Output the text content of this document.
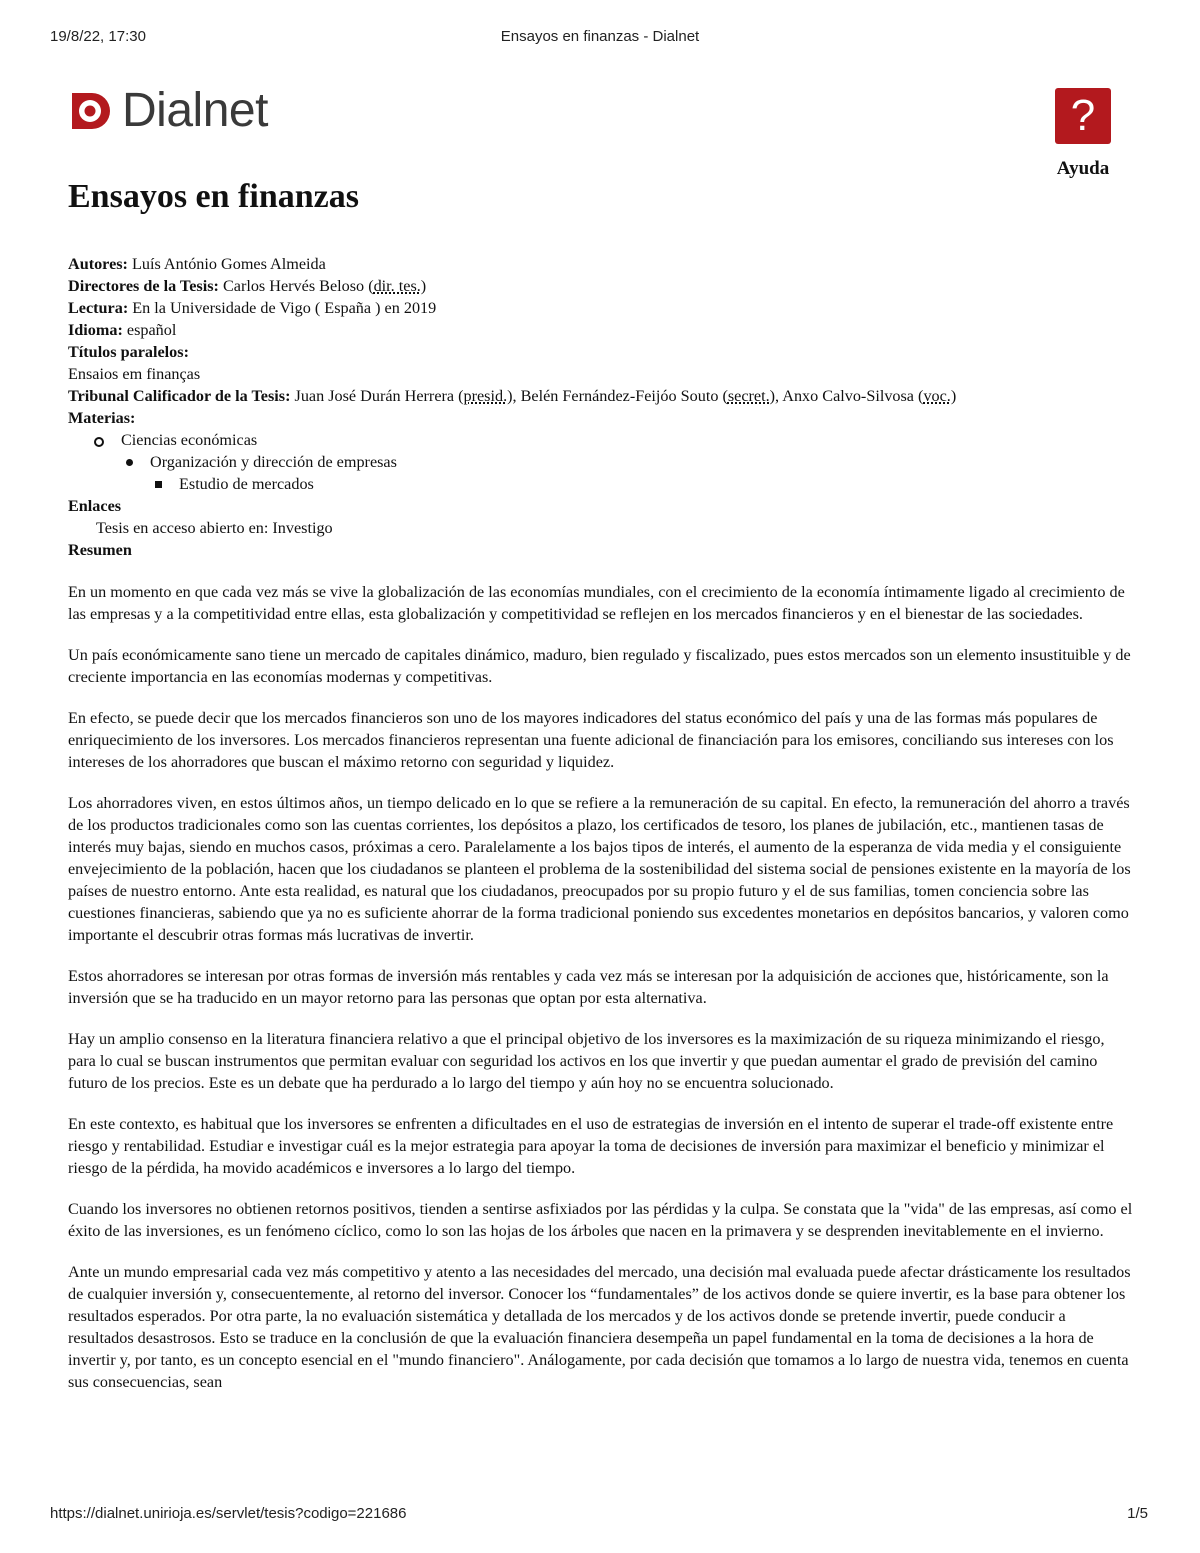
19/8/22, 17:30	Ensayos en finanzas - Dialnet
Dialnet	?
Ayuda
Ensayos en finanzas

Autores: Luís António Gomes Almeida

Directores de la Tesis: Carlos Hervés Beloso (dir. tes.)

Lectura: En la Universidade de Vigo ( España ) en 2019

Idioma: español

Títulos paralelos:

Ensaios em finanças

Tribunal Calificador de la Tesis: Juan José Durán Herrera (presid.), Belén Fernández-Feijóo Souto (secret.), Anxo Calvo-Silvosa (voc.)

Materias:

Ciencias económicas
Organización y dirección de empresas
Estudio de mercados

Enlaces

Tesis en acceso abierto en: Investigo

Resumen

En un momento en que cada vez más se vive la globalización de las economías mundiales, con el crecimiento de la economía íntimamente ligado al crecimiento de las empresas y a la competitividad entre ellas, esta globalización y competitividad se reflejen en los mercados financieros y en el bienestar de las sociedades.

Un país económicamente sano tiene un mercado de capitales dinámico, maduro, bien regulado y fiscalizado, pues estos mercados son un elemento insustituible y de creciente importancia en las economías modernas y competitivas.

En efecto, se puede decir que los mercados financieros son uno de los mayores indicadores del status económico del país y una de las formas más populares de enriquecimiento de los inversores. Los mercados financieros representan una fuente adicional de financiación para los emisores, conciliando sus intereses con los intereses de los ahorradores que buscan el máximo retorno con seguridad y liquidez.

Los ahorradores viven, en estos últimos años, un tiempo delicado en lo que se refiere a la remuneración de su capital. En efecto, la remuneración del ahorro a través de los productos tradicionales como son las cuentas corrientes, los depósitos a plazo, los certificados de tesoro, los planes de jubilación, etc., mantienen tasas de interés muy bajas, siendo en muchos casos, próximas a cero. Paralelamente a los bajos tipos de interés, el aumento de la esperanza de vida media y el consiguiente envejecimiento de la población, hacen que los ciudadanos se planteen el problema de la sostenibilidad del sistema social de pensiones existente en la mayoría de los países de nuestro entorno. Ante esta realidad, es natural que los ciudadanos, preocupados por su propio futuro y el de sus familias, tomen conciencia sobre las cuestiones financieras, sabiendo que ya no es suficiente ahorrar de la forma tradicional poniendo sus excedentes monetarios en depósitos bancarios, y valoren como importante el descubrir otras formas más lucrativas de invertir.

Estos ahorradores se interesan por otras formas de inversión más rentables y cada vez más se interesan por la adquisición de acciones que, históricamente, son la inversión que se ha traducido en un mayor retorno para las personas que optan por esta alternativa.

Hay un amplio consenso en la literatura financiera relativo a que el principal objetivo de los inversores es la maximización de su riqueza minimizando el riesgo, para lo cual se buscan instrumentos que permitan evaluar con seguridad los activos en los que invertir y que puedan aumentar el grado de previsión del camino futuro de los precios. Este es un debate que ha perdurado a lo largo del tiempo y aún hoy no se encuentra solucionado.

En este contexto, es habitual que los inversores se enfrenten a dificultades en el uso de estrategias de inversión en el intento de superar el trade-off existente entre riesgo y rentabilidad. Estudiar e investigar cuál es la mejor estrategia para apoyar la toma de decisiones de inversión para maximizar el beneficio y minimizar el riesgo de la pérdida, ha movido académicos e inversores a lo largo del tiempo.

Cuando los inversores no obtienen retornos positivos, tienden a sentirse asfixiados por las pérdidas y la culpa. Se constata que la "vida" de las empresas, así como el éxito de las inversiones, es un fenómeno cíclico, como lo son las hojas de los árboles que nacen en la primavera y se desprenden inevitablemente en el invierno.

Ante un mundo empresarial cada vez más competitivo y atento a las necesidades del mercado, una decisión mal evaluada puede afectar drásticamente los resultados de cualquier inversión y, consecuentemente, al retorno del inversor. Conocer los “fundamentales” de los activos donde se quiere invertir, es la base para obtener los resultados esperados. Por otra parte, la no evaluación sistemática y detallada de los mercados y de los activos donde se pretende invertir, puede conducir a resultados desastrosos. Esto se traduce en la conclusión de que la evaluación financiera desempeña un papel fundamental en la toma de decisiones a la hora de invertir y, por tanto, es un concepto esencial en el "mundo financiero". Análogamente, por cada decisión que tomamos a lo largo de nuestra vida, tenemos en cuenta sus consecuencias, sean

https://dialnet.unirioja.es/servlet/tesis?codigo=221686	1/5
